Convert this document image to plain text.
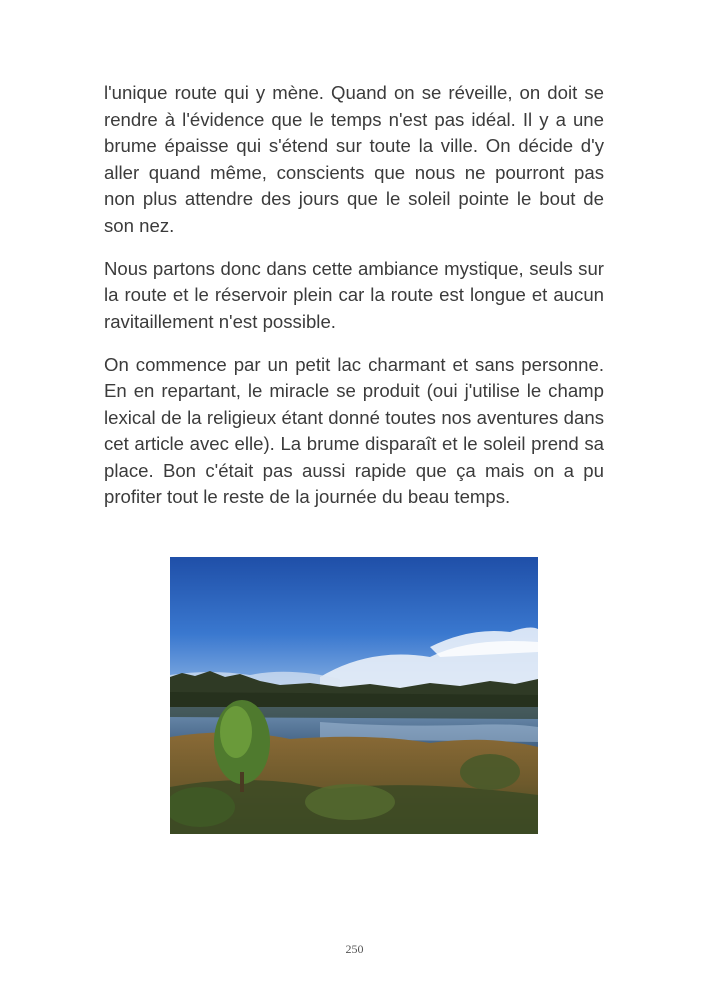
l'unique route qui y mène. Quand on se réveille, on doit se rendre à l'évidence que le temps n'est pas idéal. Il y a une brume épaisse qui s'étend sur toute la ville. On décide d'y aller quand même, conscients que nous ne pourront pas non plus attendre des jours que le soleil pointe le bout de son nez.

Nous partons donc dans cette ambiance mystique, seuls sur la route et le réservoir plein car la route est longue et aucun ravitaillement n'est possible.

On commence par un petit lac charmant et sans personne. En en repartant, le miracle se produit (oui j'utilise le champ lexical de la religieux étant donné toutes nos aventures dans cet article avec elle). La brume disparaît et le soleil prend sa place. Bon c'était pas aussi rapide que ça mais on a pu profiter tout le reste de la journée du beau temps.

250
